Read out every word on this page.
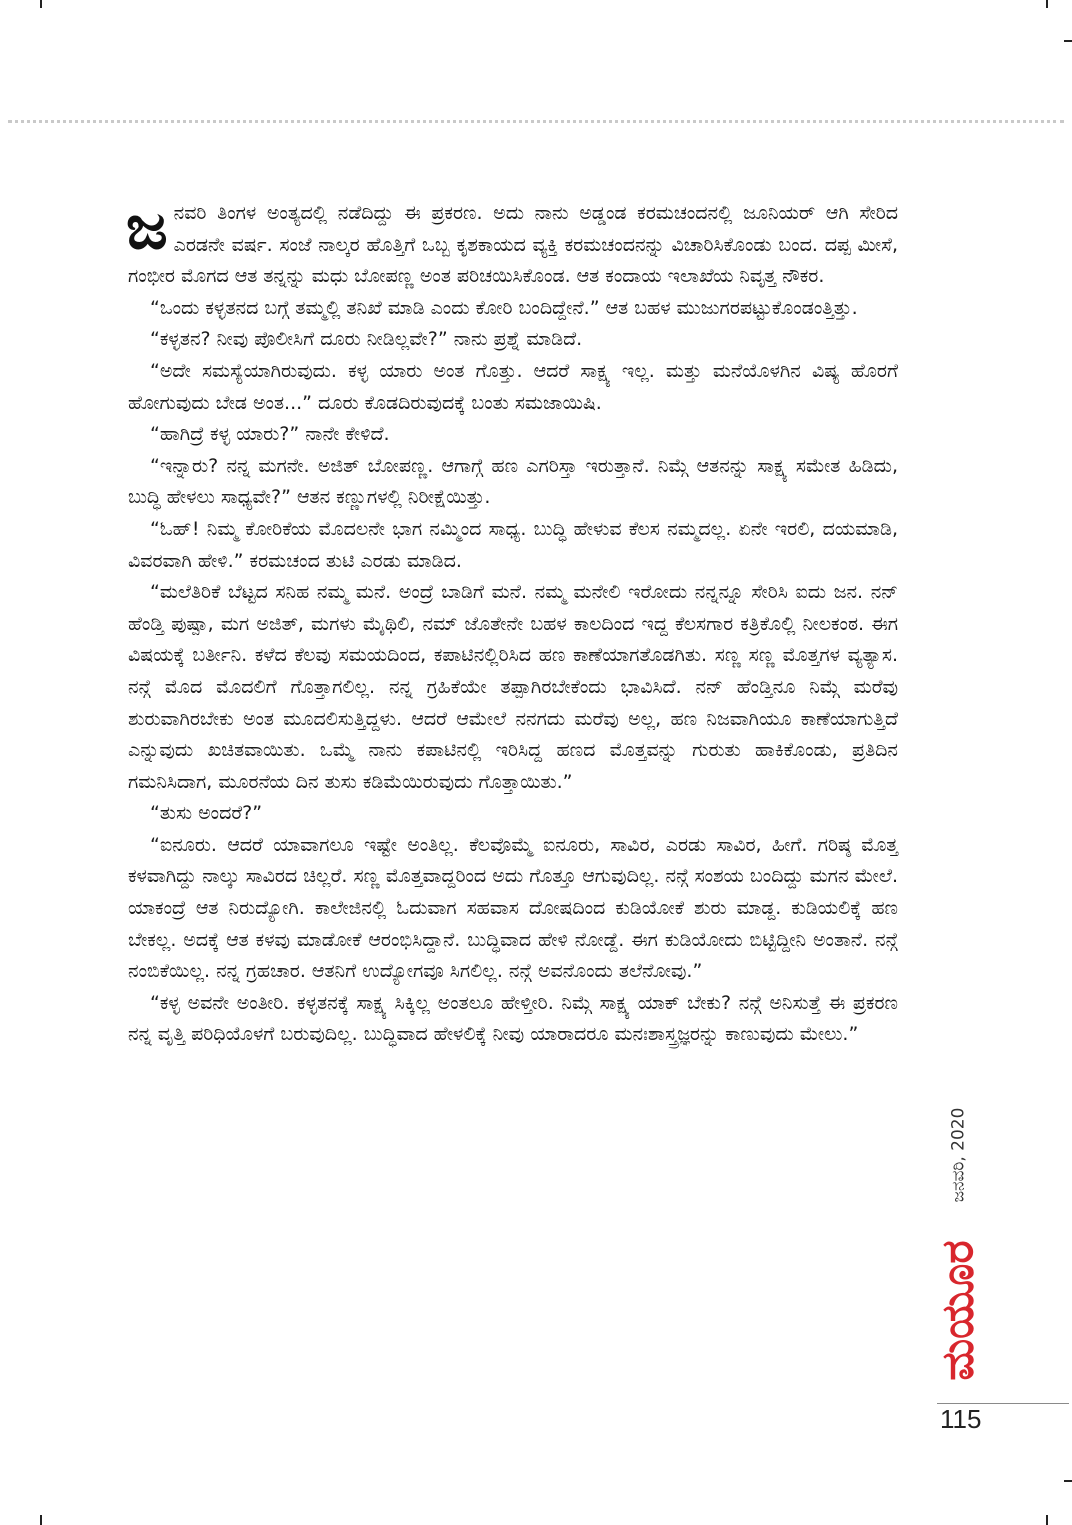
ಜನವರಿ ತಿಂಗಳ ಅಂತ್ಯದಲ್ಲಿ ನಡೆದಿದ್ದು ಈ ಪ್ರಕರಣ. ಅದು ನಾನು ಅಡ್ಡಂಡ ಕರಮಚಂದನಲ್ಲಿ ಜೂನಿಯರ್ ಆಗಿ ಸೇರಿದ ಎರಡನೇ ವರ್ಷ. ಸಂಜೆ ನಾಲ್ಕರ ಹೊತ್ತಿಗೆ ಒಬ್ಬ ಕೃಶಕಾಯದ ವ್ಯಕ್ತಿ ಕರಮಚಂದನನ್ನು ವಿಚಾರಿಸಿಕೊಂಡು ಬಂದ. ದಪ್ಪ ಮೀಸೆ, ಗಂಭೀರ ಮೊಗದ ಆತ ತನ್ನನ್ನು ಮಧು ಬೋಪಣ್ಣ ಅಂತ ಪರಿಚಯಿಸಿಕೊಂಡ. ಆತ ಕಂದಾಯ ಇಲಾಖೆಯ ನಿವೃತ್ತ ನೌಕರ.

“ಒಂದು ಕಳ್ಳತನದ ಬಗ್ಗೆ ತಮ್ಮಲ್ಲಿ ತನಿಖೆ ಮಾಡಿ ಎಂದು ಕೋರಿ ಬಂದಿದ್ದೇನೆ.” ಆತ ಬಹಳ ಮುಜುಗರಪಟ್ಟುಕೊಂಡಂತ್ತಿತ್ತು.

“ಕಳ್ಳತನ? ನೀವು ಪೊಲೀಸಿಗೆ ದೂರು ನೀಡಿಲ್ಲವೇ?” ನಾನು ಪ್ರಶ್ನೆ ಮಾಡಿದೆ.

“ಅದೇ ಸಮಸ್ಯೆಯಾಗಿರುವುದು. ಕಳ್ಳ ಯಾರು ಅಂತ ಗೊತ್ತು. ಆದರೆ ಸಾಕ್ಷ್ಯ ಇಲ್ಲ. ಮತ್ತು ಮನೆಯೊಳಗಿನ ವಿಷ್ಯ ಹೊರಗೆ ಹೋಗುವುದು ಬೇಡ ಅಂತ...” ದೂರು ಕೊಡದಿರುವುದಕ್ಕೆ ಬಂತು ಸಮಜಾಯಿಷಿ.

“ಹಾಗಿದ್ರೆ ಕಳ್ಳ ಯಾರು?” ನಾನೇ ಕೇಳಿದೆ.

“ಇನ್ನಾರು? ನನ್ನ ಮಗನೇ. ಅಜಿತ್ ಬೋಪಣ್ಣ. ಆಗಾಗ್ಗೆ ಹಣ ಎಗರಿಸ್ತಾ ಇರುತ್ತಾನೆ. ನಿಮ್ಗೆ ಆತನನ್ನು ಸಾಕ್ಷ್ಯ ಸಮೇತ ಹಿಡಿದು, ಬುದ್ಧಿ ಹೇಳಲು ಸಾಧ್ಯವೇ?” ಆತನ ಕಣ್ಣುಗಳಲ್ಲಿ ನಿರೀಕ್ಷೆಯಿತ್ತು.

“ಓಹ್! ನಿಮ್ಮ ಕೋರಿಕೆಯ ಮೊದಲನೇ ಭಾಗ ನಮ್ಮಿಂದ ಸಾಧ್ಯ. ಬುದ್ಧಿ ಹೇಳುವ ಕೆಲಸ ನಮ್ಮದಲ್ಲ. ಏನೇ ಇರಲಿ, ದಯಮಾಡಿ, ವಿವರವಾಗಿ ಹೇಳಿ.” ಕರಮಚಂದ ತುಟಿ ಎರಡು ಮಾಡಿದ.

“ಮಲೆತಿರಿಕೆ ಬೆಟ್ಟದ ಸನಿಹ ನಮ್ಮ ಮನೆ. ಅಂದ್ರೆ ಬಾಡಿಗೆ ಮನೆ. ನಮ್ಮ ಮನೇಲಿ ಇರೋದು ನನ್ನನ್ನೂ ಸೇರಿಸಿ ಐದು ಜನ. ನನ್ ಹೆಂಡ್ತಿ ಪುಷ್ಪಾ, ಮಗ ಅಜಿತ್, ಮಗಳು ಮೈಥಿಲಿ, ನಮ್ ಜೊತೇನೇ ಬಹಳ ಕಾಲದಿಂದ ಇದ್ದ ಕೆಲಸಗಾರ ಕತ್ರಿಕೊಲ್ಲಿ ನೀಲಕಂಠ. ಈಗ ವಿಷಯಕ್ಕೆ ಬರ್ತೀನಿ. ಕಳೆದ ಕೆಲವು ಸಮಯದಿಂದ, ಕಪಾಟಿನಲ್ಲಿರಿಸಿದ ಹಣ ಕಾಣೆಯಾಗತೊಡಗಿತು. ಸಣ್ಣ ಸಣ್ಣ ಮೊತ್ತಗಳ ವ್ಯತ್ಯಾಸ. ನನ್ಗೆ ಮೊದ ಮೊದಲಿಗೆ ಗೊತ್ತಾಗಲಿಲ್ಲ. ನನ್ನ ಗ್ರಹಿಕೆಯೇ ತಪ್ಪಾಗಿರಬೇಕೆಂದು ಭಾವಿಸಿದೆ. ನನ್ ಹೆಂಡ್ತಿನೂ ನಿಮ್ಗೆ ಮರೆವು ಶುರುವಾಗಿರಬೇಕು ಅಂತ ಮೂದಲಿಸುತ್ತಿದ್ದಳು. ಆದರೆ ಆಮೇಲೆ ನನಗದು ಮರೆವು ಅಲ್ಲ, ಹಣ ನಿಜವಾಗಿಯೂ ಕಾಣೆಯಾಗುತ್ತಿದೆ ಎನ್ನುವುದು ಖಚಿತವಾಯಿತು. ಒಮ್ಮೆ ನಾನು ಕಪಾಟಿನಲ್ಲಿ ಇರಿಸಿದ್ದ ಹಣದ ಮೊತ್ತವನ್ನು ಗುರುತು ಹಾಕಿಕೊಂಡು, ಪ್ರತಿದಿನ ಗಮನಿಸಿದಾಗ, ಮೂರನೆಯ ದಿನ ತುಸು ಕಡಿಮೆಯಿರುವುದು ಗೊತ್ತಾಯಿತು.”

“ತುಸು ಅಂದರೆ?”

“ಐನೂರು. ಆದರೆ ಯಾವಾಗಲೂ ಇಷ್ಟೇ ಅಂತಿಲ್ಲ. ಕೆಲವೊಮ್ಮೆ ಐನೂರು, ಸಾವಿರ, ಎರಡು ಸಾವಿರ, ಹೀಗೆ. ಗರಿಷ್ಠ ಮೊತ್ತ ಕಳವಾಗಿದ್ದು ನಾಲ್ಕು ಸಾವಿರದ ಚಿಲ್ಲರೆ. ಸಣ್ಣ ಮೊತ್ತವಾದ್ದರಿಂದ ಅದು ಗೊತ್ತೂ ಆಗುವುದಿಲ್ಲ. ನನ್ಗೆ ಸಂಶಯ ಬಂದಿದ್ದು ಮಗನ ಮೇಲೆ. ಯಾಕಂದ್ರೆ ಆತ ನಿರುದ್ಯೋಗಿ. ಕಾಲೇಜಿನಲ್ಲಿ ಓದುವಾಗ ಸಹವಾಸ ದೋಷದಿಂದ ಕುಡಿಯೋಕೆ ಶುರು ಮಾಡ್ದ. ಕುಡಿಯಲಿಕ್ಕೆ ಹಣ ಬೇಕಲ್ಲ. ಅದಕ್ಕೆ ಆತ ಕಳವು ಮಾಡೋಕೆ ಆರಂಭಿಸಿದ್ದಾನೆ. ಬುದ್ಧಿವಾದ ಹೇಳಿ ನೋಡ್ದೆ. ಈಗ ಕುಡಿಯೋದು ಬಿಟ್ಟಿದ್ದೀನಿ ಅಂತಾನೆ. ನನ್ಗೆ ನಂಬಿಕೆಯಿಲ್ಲ. ನನ್ನ ಗ್ರಹಚಾರ. ಆತನಿಗೆ ಉದ್ಯೋಗವೂ ಸಿಗಲಿಲ್ಲ. ನನ್ಗೆ ಅವನೊಂದು ತಲೆನೋವು.”

“ಕಳ್ಳ ಅವನೇ ಅಂತೀರಿ. ಕಳ್ಳತನಕ್ಕೆ ಸಾಕ್ಷ್ಯ ಸಿಕ್ಕಿಲ್ಲ ಅಂತಲೂ ಹೇಳ್ತೀರಿ. ನಿಮ್ಗೆ ಸಾಕ್ಷ್ಯ ಯಾಕ್ ಬೇಕು? ನನ್ಗೆ ಅನಿಸುತ್ತೆ ಈ ಪ್ರಕರಣ ನನ್ನ ವೃತ್ತಿ ಪರಿಧಿಯೊಳಗೆ ಬರುವುದಿಲ್ಲ. ಬುದ್ಧಿವಾದ ಹೇಳಲಿಕ್ಕೆ ನೀವು ಯಾರಾದರೂ ಮನಃಶಾಸ್ತ್ರಜ್ಞರನ್ನು ಕಾಣುವುದು ಮೇಲು.”

ಜನವರಿ, 2020
ಮಯೂರ
115
